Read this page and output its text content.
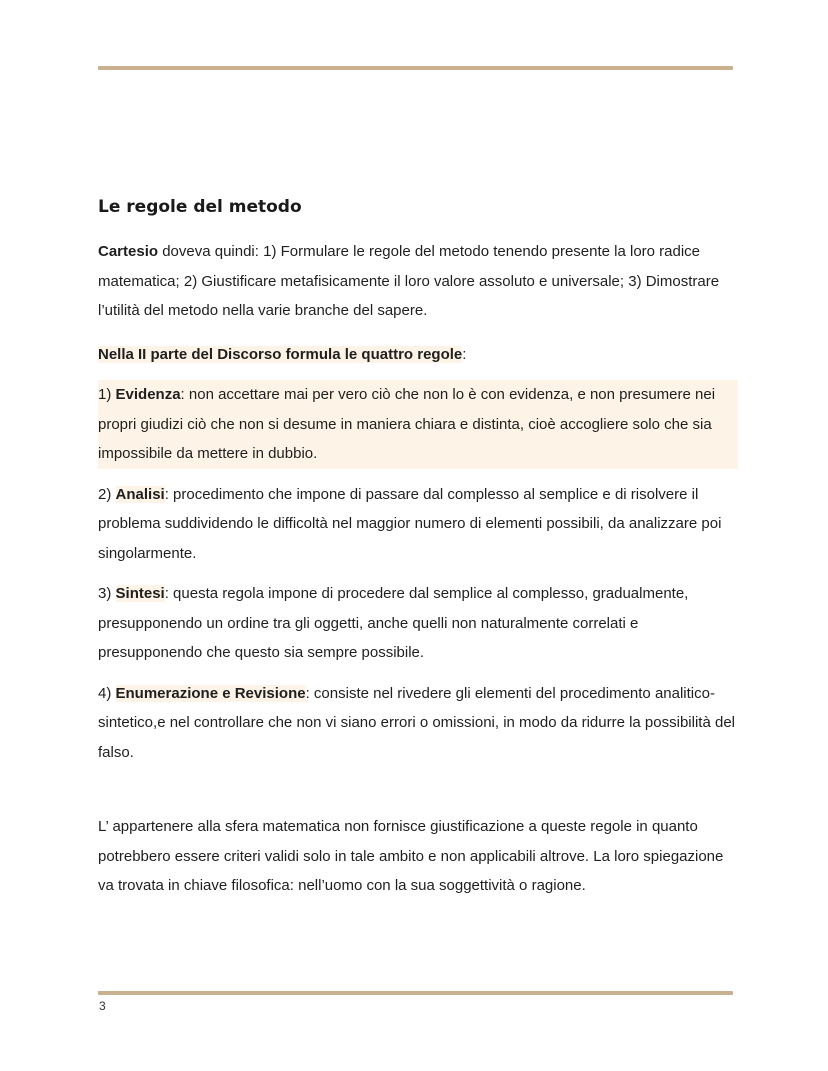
Le regole del metodo

Cartesio doveva quindi: 1) Formulare le regole del metodo tenendo presente la loro radice matematica; 2) Giustificare metafisicamente il loro valore assoluto e universale; 3) Dimostrare l’utilità del metodo nella varie branche del sapere.

Nella II parte del Discorso formula le quattro regole:

1) Evidenza: non accettare mai per vero ciò che non lo è con evidenza, e non presumere nei propri giudizi ciò che non si desume in maniera chiara e distinta, cioè accogliere solo che sia impossibile da mettere in dubbio.

2) Analisi: procedimento che impone di passare dal complesso al semplice e di risolvere il problema suddividendo le difficoltà nel maggior numero di elementi possibili, da analizzare poi singolarmente.

3) Sintesi: questa regola impone di procedere dal semplice al complesso, gradualmente, presupponendo un ordine tra gli oggetti, anche quelli non naturalmente correlati e presupponendo che questo sia sempre possibile.

4) Enumerazione e Revisione: consiste nel rivedere gli elementi del procedimento analitico-sintetico,e nel controllare che non vi siano errori o omissioni, in modo da ridurre la possibilità del falso.

L’ appartenere alla sfera matematica non fornisce giustificazione a queste regole in quanto potrebbero essere criteri validi solo in tale ambito e non applicabili altrove. La loro spiegazione va trovata in chiave filosofica: nell’uomo con la sua soggettività o ragione.

3
